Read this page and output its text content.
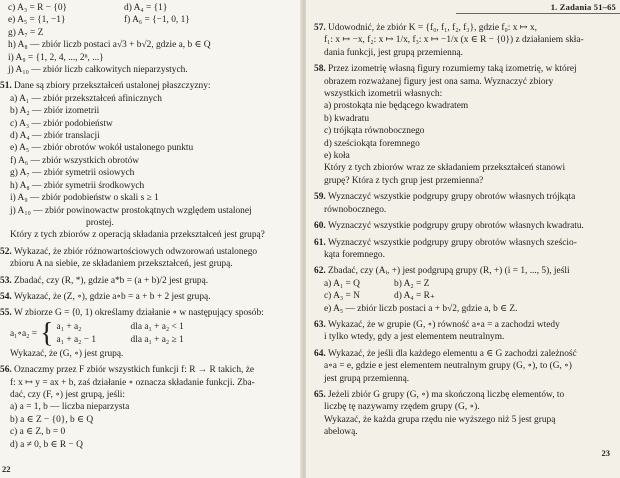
c) A₃ = R − {0}	d) A₄ = {1}
e) A₅ = {1, −1}	f) A₆ = {−1, 0, 1}
g) A₇ = Z
h) A₈ — zbiór liczb postaci a√3 + b√2, gdzie a, b ∈ Q
i) A₉ = {1, 2, 4, ..., 2ⁿ, ...}
j) A₁₀ — zbiór liczb całkowitych nieparzystych.
51. Dane są zbiory przekształceń ustalonej płaszczyzny:
a) A₁ — zbiór przekształceń afinicznych
b) A₂ — zbiór izometrii
c) A₃ — zbiór podobieństw
d) A₄ — zbiór translacji
e) A₅ — zbiór obrotów wokół ustalonego punktu
f) A₆ — zbiór wszystkich obrotów
g) A₇ — zbiór symetrii osiowych
h) A₈ — zbiór symetrii środkowych
i) A₉ — zbiór podobieństw o skali s ≥ 1
j) A₁₀ — zbiór powinowactw prostokątnych względem ustalonej
prostej.
Który z tych zbiorów z operacją składania przekształceń jest grupą?
52. Wykazać, że zbiór różnowartościowych odwzorowań ustalonego
zbioru A na siebie, ze składaniem przekształceń, jest grupą.
53. Zbadać, czy (R, *), gdzie a*b = (a + b)/2 jest grupą.
54. Wykazać, że (Z, ∘), gdzie a∘b = a + b + 2 jest grupą.
55. W zbiorze G = ⟨0, 1) określamy działanie ∘ w następujący sposób:
a₁∘a₂ = { a₁ + a₂	dla a₁ + a₂ < 1
a₁ + a₂ − 1	dla a₁ + a₂ ≥ 1
Wykazać, że (G, ∘) jest grupą.
56. Oznaczmy przez F zbiór wszystkich funkcji f: R → R takich, że
f: x ↦ y = ax + b, zaś działanie ∘ oznacza składanie funkcji. Zba-
dać, czy (F, ∘) jest grupą, jeśli:
a) a = 1, b — liczba nieparzysta
b) a ∈ Z − {0}, b ∈ Q
c) a ∈ Z, b = 0
d) a ≠ 0, b ∈ R − Q
22
1. Zadania 51–65
57. Udowodnić, że zbiór K = {f₀, f₁, f₂, f₃}, gdzie f₀: x ↦ x,
f₁: x ↦ −x, f₂: x ↦ 1/x, f₃: x ↦ −1/x (x ∈ R − {0}) z działaniem skła-
dania funkcji, jest grupą przemienną.
58. Przez izometrię własną figury rozumiemy taką izometrię, w której
obrazem rozważanej figury jest ona sama. Wyznaczyć zbiory
wszystkich izometrii własnych:
a) prostokąta nie będącego kwadratem
b) kwadratu
c) trójkąta równobocznego
d) sześciokąta foremnego
e) koła
Który z tych zbiorów wraz ze składaniem przekształceń stanowi
grupę? Która z tych grup jest przemienna?
59. Wyznaczyć wszystkie podgrupy grupy obrotów własnych trójkąta
równobocznego.
60. Wyznaczyć wszystkie podgrupy grupy obrotów własnych kwadratu.
61. Wyznaczyć wszystkie podgrupy grupy obrotów własnych sześcio-
kąta foremnego.
62. Zbadać, czy (Aᵢ, +) jest podgrupą grupy (R, +) (i = 1, ..., 5), jeśli
a) A₁ = Q	b) A₂ = Z
c) A₃ = N	d) A₄ = R₊
e) A₅ — zbiór liczb postaci a + b√2, gdzie a, b ∈ Z.
63. Wykazać, że w grupie (G, ∘) równość a∘a = a zachodzi wtedy
i tylko wtedy, gdy a jest elementem neutralnym.
64. Wykazać, że jeśli dla każdego elementu a ∈ G zachodzi zależność
a∘a = e, gdzie e jest elementem neutralnym grupy (G, ∘), to (G, ∘)
jest grupą przemienną.
65. Jeżeli zbiór G grupy (G, ∘) ma skończoną liczbę elementów, to
liczbę tę nazywamy rzędem grupy (G, ∘).
Wykazać, że każda grupa rzędu nie wyższego niż 5 jest grupą
abelową.
23
